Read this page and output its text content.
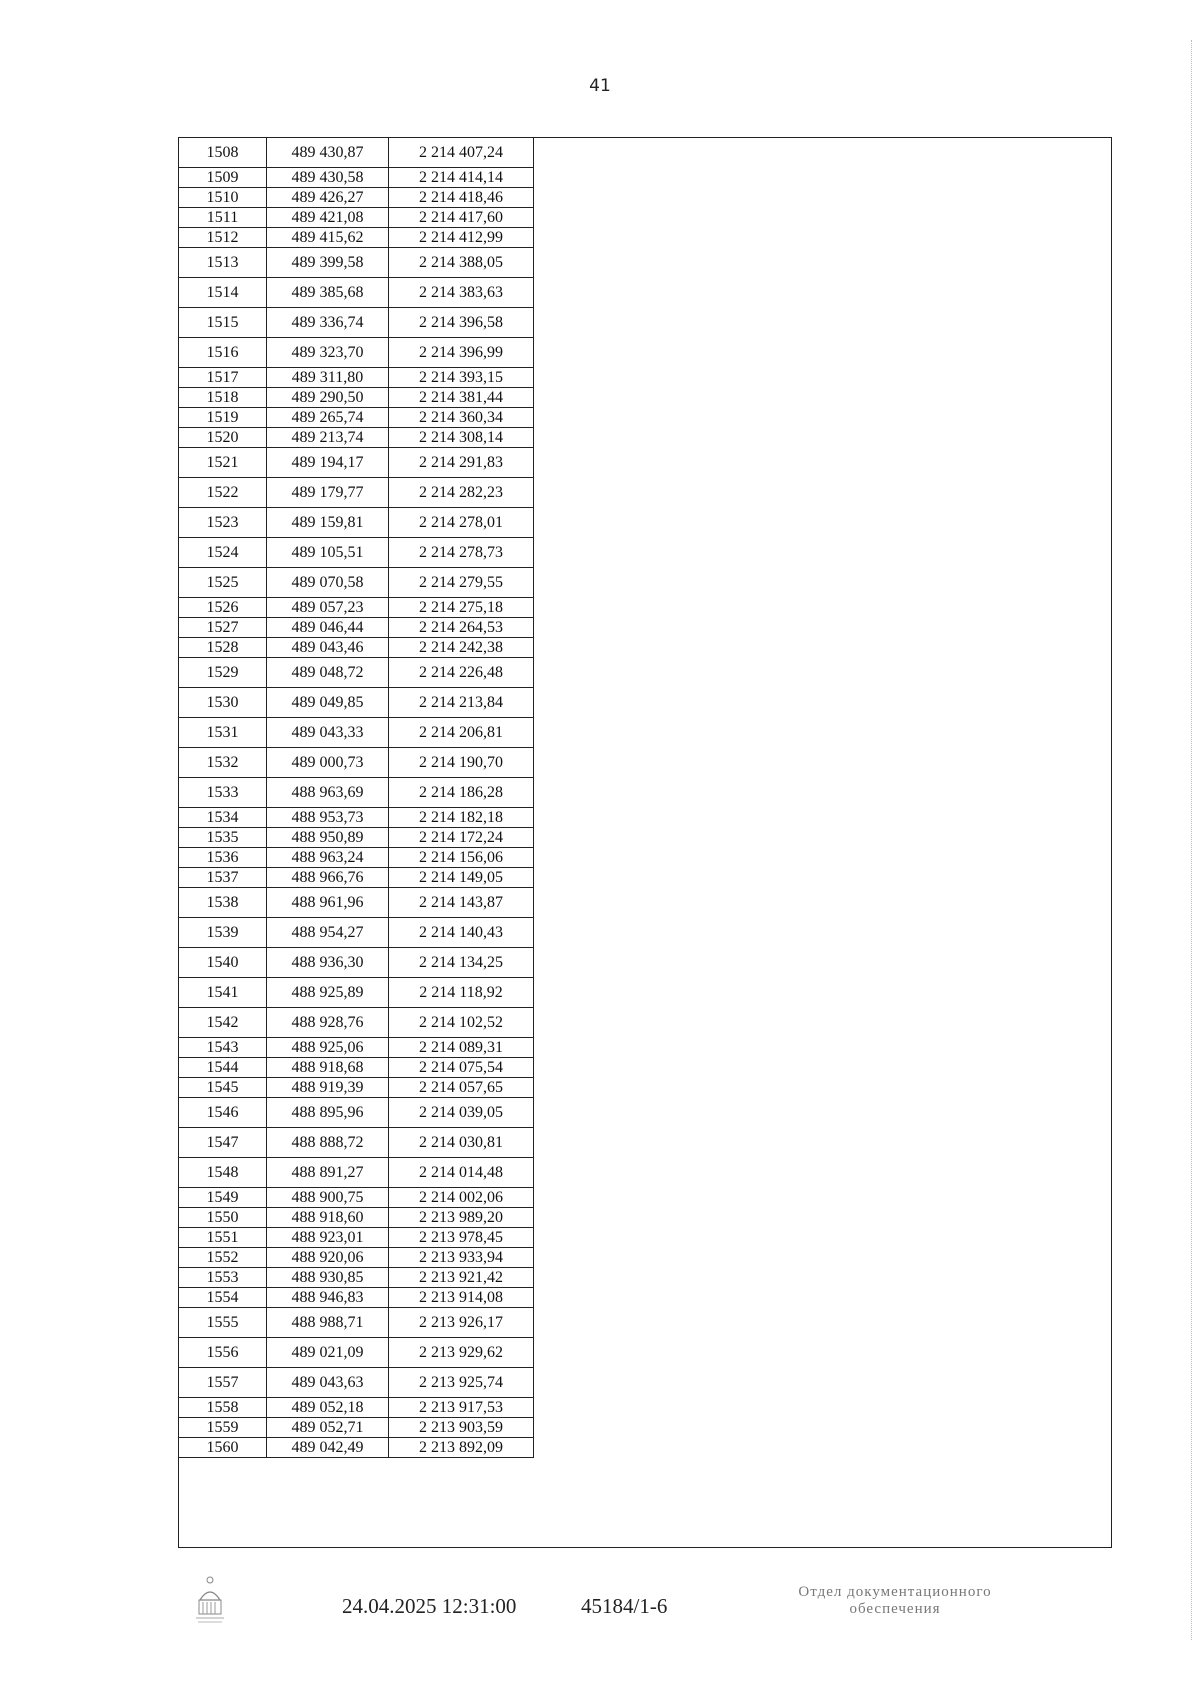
41
1508	489 430,87	2 214 407,24
1509	489 430,58	2 214 414,14
1510	489 426,27	2 214 418,46
1511	489 421,08	2 214 417,60
1512	489 415,62	2 214 412,99
1513	489 399,58	2 214 388,05
1514	489 385,68	2 214 383,63
1515	489 336,74	2 214 396,58
1516	489 323,70	2 214 396,99
1517	489 311,80	2 214 393,15
1518	489 290,50	2 214 381,44
1519	489 265,74	2 214 360,34
1520	489 213,74	2 214 308,14
1521	489 194,17	2 214 291,83
1522	489 179,77	2 214 282,23
1523	489 159,81	2 214 278,01
1524	489 105,51	2 214 278,73
1525	489 070,58	2 214 279,55
1526	489 057,23	2 214 275,18
1527	489 046,44	2 214 264,53
1528	489 043,46	2 214 242,38
1529	489 048,72	2 214 226,48
1530	489 049,85	2 214 213,84
1531	489 043,33	2 214 206,81
1532	489 000,73	2 214 190,70
1533	488 963,69	2 214 186,28
1534	488 953,73	2 214 182,18
1535	488 950,89	2 214 172,24
1536	488 963,24	2 214 156,06
1537	488 966,76	2 214 149,05
1538	488 961,96	2 214 143,87
1539	488 954,27	2 214 140,43
1540	488 936,30	2 214 134,25
1541	488 925,89	2 214 118,92
1542	488 928,76	2 214 102,52
1543	488 925,06	2 214 089,31
1544	488 918,68	2 214 075,54
1545	488 919,39	2 214 057,65
1546	488 895,96	2 214 039,05
1547	488 888,72	2 214 030,81
1548	488 891,27	2 214 014,48
1549	488 900,75	2 214 002,06
1550	488 918,60	2 213 989,20
1551	488 923,01	2 213 978,45
1552	488 920,06	2 213 933,94
1553	488 930,85	2 213 921,42
1554	488 946,83	2 213 914,08
1555	488 988,71	2 213 926,17
1556	489 021,09	2 213 929,62
1557	489 043,63	2 213 925,74
1558	489 052,18	2 213 917,53
1559	489 052,71	2 213 903,59
1560	489 042,49	2 213 892,09
24.04.2025 12:31:00	45184/1-6
Отдел документационного
обеспечения
